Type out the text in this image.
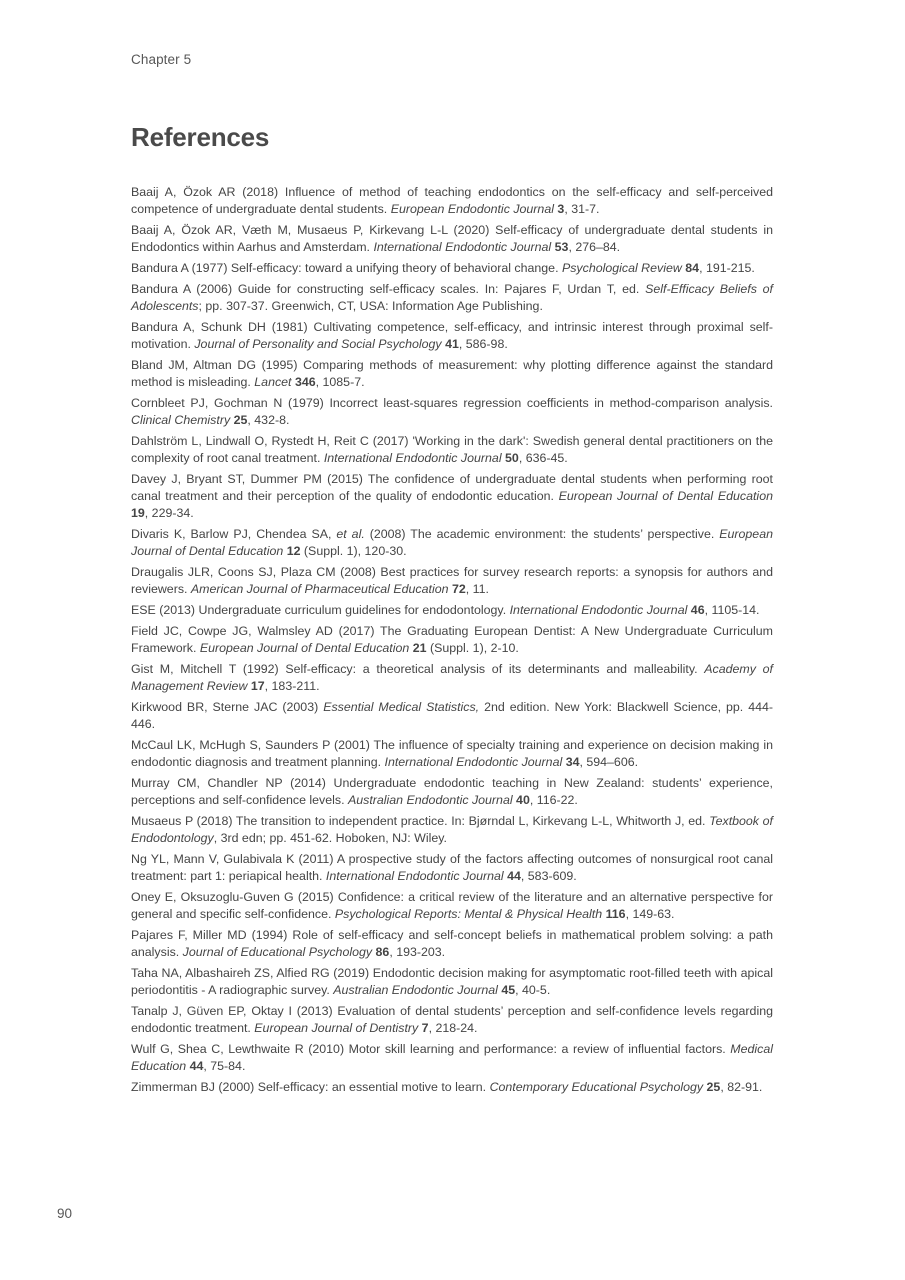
Chapter 5
References

Baaij A, Özok AR (2018) Influence of method of teaching endodontics on the self-efficacy and self-perceived competence of undergraduate dental students. European Endodontic Journal 3, 31-7.

Baaij A, Özok AR, Væth M, Musaeus P, Kirkevang L-L (2020) Self-efficacy of undergraduate dental students in Endodontics within Aarhus and Amsterdam. International Endodontic Journal 53, 276–84.

Bandura A (1977) Self-efficacy: toward a unifying theory of behavioral change. Psychological Review 84, 191-215.

Bandura A (2006) Guide for constructing self-efficacy scales. In: Pajares F, Urdan T, ed. Self-Efficacy Beliefs of Adolescents; pp. 307-37. Greenwich, CT, USA: Information Age Publishing.

Bandura A, Schunk DH (1981) Cultivating competence, self-efficacy, and intrinsic interest through proximal self-motivation. Journal of Personality and Social Psychology 41, 586-98.

Bland JM, Altman DG (1995) Comparing methods of measurement: why plotting difference against the standard method is misleading. Lancet 346, 1085-7.

Cornbleet PJ, Gochman N (1979) Incorrect least-squares regression coefficients in method-comparison analysis. Clinical Chemistry 25, 432-8.

Dahlström L, Lindwall O, Rystedt H, Reit C (2017) 'Working in the dark': Swedish general dental practitioners on the complexity of root canal treatment. International Endodontic Journal 50, 636-45.

Davey J, Bryant ST, Dummer PM (2015) The confidence of undergraduate dental students when performing root canal treatment and their perception of the quality of endodontic education. European Journal of Dental Education 19, 229-34.

Divaris K, Barlow PJ, Chendea SA, et al. (2008) The academic environment: the students’ perspective. European Journal of Dental Education 12 (Suppl. 1), 120-30.

Draugalis JLR, Coons SJ, Plaza CM (2008) Best practices for survey research reports: a synopsis for authors and reviewers. American Journal of Pharmaceutical Education 72, 11.

ESE (2013) Undergraduate curriculum guidelines for endodontology. International Endodontic Journal 46, 1105-14.

Field JC, Cowpe JG, Walmsley AD (2017) The Graduating European Dentist: A New Undergraduate Curriculum Framework. European Journal of Dental Education 21 (Suppl. 1), 2-10.

Gist M, Mitchell T (1992) Self-efficacy: a theoretical analysis of its determinants and malleability. Academy of Management Review 17, 183-211.

Kirkwood BR, Sterne JAC (2003) Essential Medical Statistics, 2nd edition. New York: Blackwell Science, pp. 444-446.

McCaul LK, McHugh S, Saunders P (2001) The influence of specialty training and experience on decision making in endodontic diagnosis and treatment planning. International Endodontic Journal 34, 594–606.

Murray CM, Chandler NP (2014) Undergraduate endodontic teaching in New Zealand: students’ experience, perceptions and self-confidence levels. Australian Endodontic Journal 40, 116-22.

Musaeus P (2018) The transition to independent practice. In: Bjørndal L, Kirkevang L-L, Whitworth J, ed. Textbook of Endodontology, 3rd edn; pp. 451-62. Hoboken, NJ: Wiley.

Ng YL, Mann V, Gulabivala K (2011) A prospective study of the factors affecting outcomes of nonsurgical root canal treatment: part 1: periapical health. International Endodontic Journal 44, 583-609.

Oney E, Oksuzoglu-Guven G (2015) Confidence: a critical review of the literature and an alternative perspective for general and specific self-confidence. Psychological Reports: Mental & Physical Health 116, 149-63.

Pajares F, Miller MD (1994) Role of self-efficacy and self-concept beliefs in mathematical problem solving: a path analysis. Journal of Educational Psychology 86, 193-203.

Taha NA, Albashaireh ZS, Alfied RG (2019) Endodontic decision making for asymptomatic root-filled teeth with apical periodontitis - A radiographic survey. Australian Endodontic Journal 45, 40-5.

Tanalp J, Güven EP, Oktay I (2013) Evaluation of dental students’ perception and self-confidence levels regarding endodontic treatment. European Journal of Dentistry 7, 218-24.

Wulf G, Shea C, Lewthwaite R (2010) Motor skill learning and performance: a review of influential factors. Medical Education 44, 75-84.

Zimmerman BJ (2000) Self-efficacy: an essential motive to learn. Contemporary Educational Psychology 25, 82-91.

90
